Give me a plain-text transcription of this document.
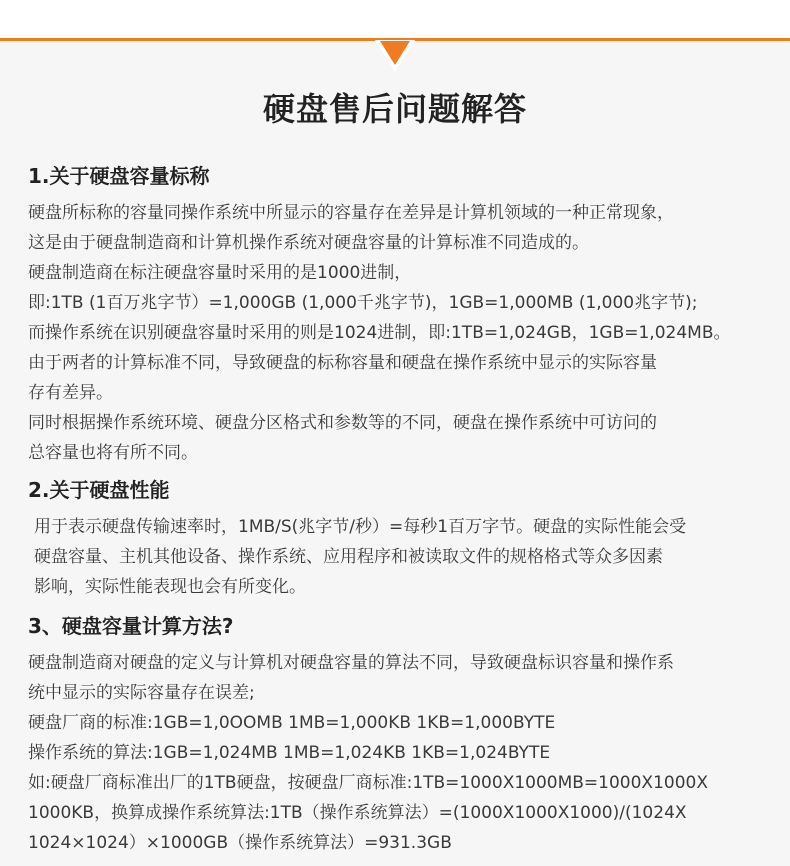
硬盘售后问题解答
1.关于硬盘容量标称

硬盘所标称的容量同操作系统中所显示的容量存在差异是计算机领域的一种正常现象，

这是由于硬盘制造商和计算机操作系统对硬盘容量的计算标准不同造成的。

硬盘制造商在标注硬盘容量时采用的是1000进制，

即:1TB (1百万兆字节）=1,000GB (1,000千兆字节)，1GB=1,000MB (1,000兆字节);

而操作系统在识别硬盘容量时采用的则是1024进制，即:1TB=1,024GB，1GB=1,024MB。

由于两者的计算标准不同，导致硬盘的标称容量和硬盘在操作系统中显示的实际容量

存有差异。

同时根据操作系统环境、硬盘分区格式和参数等的不同，硬盘在操作系统中可访问的

总容量也将有所不同。

2.关于硬盘性能

用于表示硬盘传输速率时，1MB/S(兆字节/秒）=每秒1百万字节。硬盘的实际性能会受

硬盘容量、主机其他设备、操作系统、应用程序和被读取文件的规格格式等众多因素

影响，实际性能表现也会有所变化。

3、硬盘容量计算方法?

硬盘制造商对硬盘的定义与计算机对硬盘容量的算法不同，导致硬盘标识容量和操作系

统中显示的实际容量存在误差;

硬盘厂商的标准:1GB=1,0OOMB 1MB=1,000KB 1KB=1,000BYTE

操作系统的算法:1GB=1,024MB 1MB=1,024KB 1KB=1,024BYTE

如:硬盘厂商标准出厂的1TB硬盘，按硬盘厂商标准:1TB=1000X1000MB=1000X1000X

1000KB，换算成操作系统算法:1TB（操作系统算法）=(1000X1000X1000)/(1024X

1024×1024）×1000GB（操作系统算法）=931.3GB
